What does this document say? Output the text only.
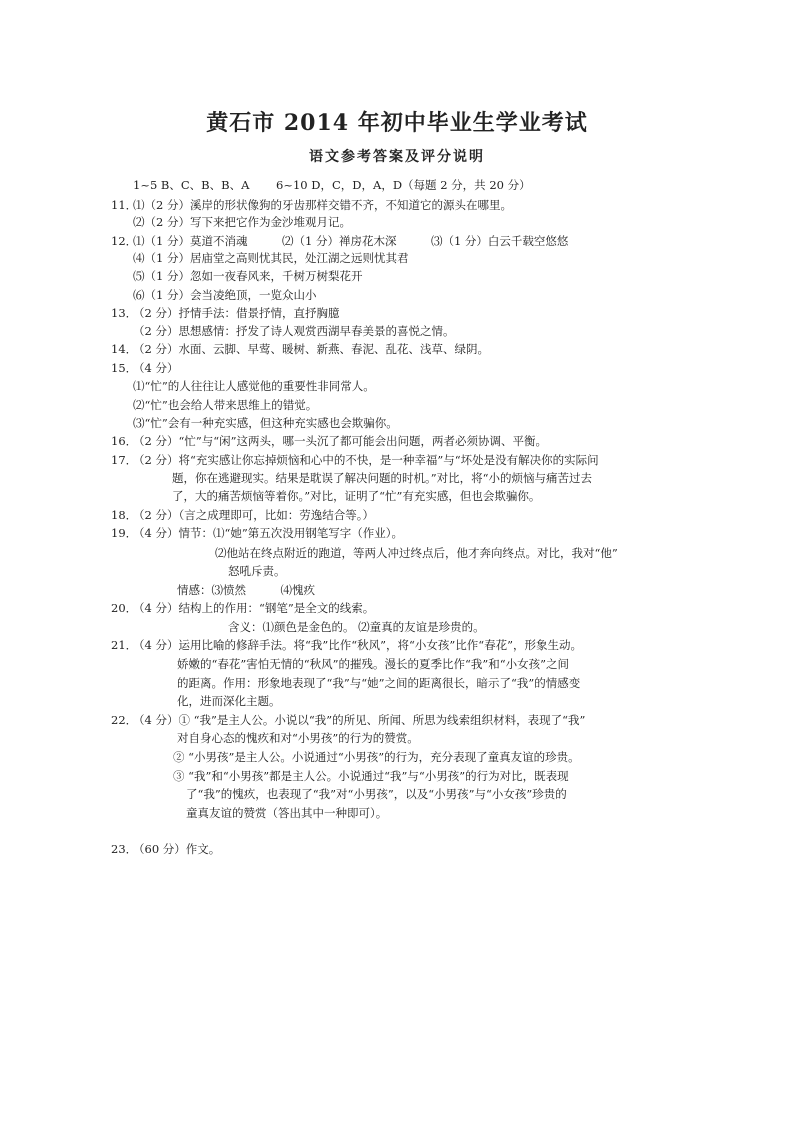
黄石市 2014 年初中毕业生学业考试
语文参考答案及评分说明
1~5 B、C、B、B、A　　 6~10 D，C，D，A，D（每题 2 分，共 20 分）
11．
⑴（2 分）溪岸的形状像狗的牙齿那样交错不齐，不知道它的源头在哪里。
⑵（2 分）写下来把它作为金沙堆观月记。
12．
⑴（1 分）莫道不消魂　　　⑵（1 分）禅房花木深　　　⑶（1 分）白云千载空悠悠
⑷（1 分）居庙堂之高则忧其民，处江湖之远则忧其君
⑸（1 分）忽如一夜春风来，千树万树梨花开
⑹（1 分）会当凌绝顶，一览众山小
13．
（2 分）抒情手法：借景抒情，直抒胸臆
（2 分）思想感情：抒发了诗人观赏西湖早春美景的喜悦之情。
14．
（2 分）水面、云脚、早莺、暖树、新燕、春泥、乱花、浅草、绿阴。
15．
（4 分）
⑴“忙”的人往往让人感觉他的重要性非同常人。
⑵“忙”也会给人带来思维上的错觉。
⑶“忙”会有一种充实感，但这种充实感也会欺骗你。
16．
（2 分）“忙”与“闲”这两头，哪一头沉了都可能会出问题，两者必须协调、平衡。
17．
（2 分）将“充实感让你忘掉烦恼和心中的不快，是一种幸福”与“坏处是没有解决你的实际问
题，你在逃避现实。结果是耽误了解决问题的时机。”对比，将“小的烦恼与痛苦过去
了，大的痛苦烦恼等着你。”对比，证明了“忙”有充实感，但也会欺骗你。
18．
（2 分）（言之成理即可，比如：劳逸结合等。）
19．
（4 分）情节：⑴“她”第五次没用钢笔写字（作业）。
⑵他站在终点附近的跑道，等两人冲过终点后，他才奔向终点。对比，我对“他”
怒吼斥责。
情感：⑶愤然　　　⑷愧疚
20．
（4 分）结构上的作用：“钢笔”是全文的线索。
含义：⑴颜色是金色的。 ⑵童真的友谊是珍贵的。
21．
（4 分）运用比喻的修辞手法。将“我”比作“秋风”，将“小女孩”比作“春花”，形象生动。
娇嫩的“春花”害怕无情的“秋风”的摧残。漫长的夏季比作“我”和“小女孩”之间
的距离。作用：形象地表现了“我”与“她”之间的距离很长，暗示了“我”的情感变
化，进而深化主题。
22．
（4 分）① “我”是主人公。小说以“我”的所见、所闻、所思为线索组织材料，表现了“我”
对自身心态的愧疚和对“小男孩”的行为的赞赏。
② “小男孩”是主人公。小说通过“小男孩”的行为，充分表现了童真友谊的珍贵。
③ “我”和“小男孩”都是主人公。小说通过“我”与“小男孩”的行为对比，既表现
了“我”的愧疚，也表现了“我”对“小男孩”，以及“小男孩”与“小女孩”珍贵的
童真友谊的赞赏（答出其中一种即可）。
23．
（60 分）作文。
